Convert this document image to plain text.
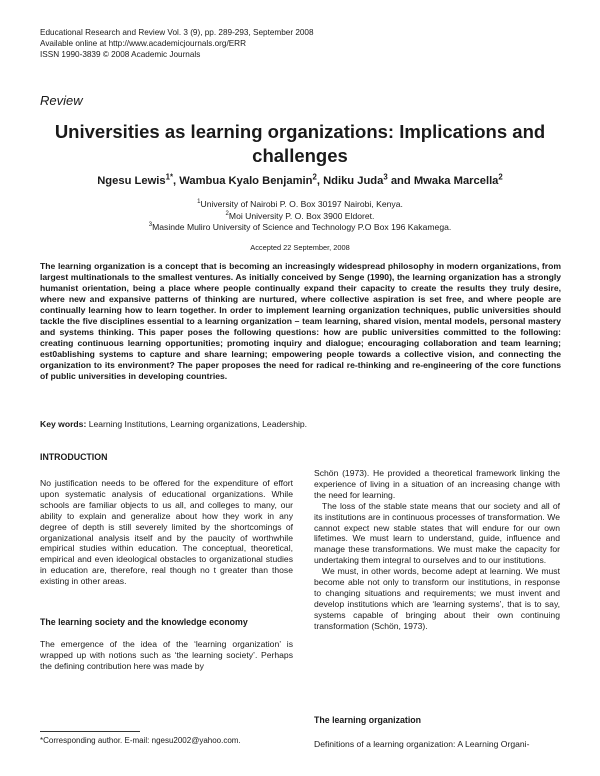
Educational Research and Review Vol. 3 (9), pp. 289-293, September 2008
Available online at http://www.academicjournals.org/ERR
ISSN 1990-3839 © 2008 Academic Journals
Review
Universities as learning organizations: Implications and challenges
Ngesu Lewis$^{1*}$, Wambua Kyalo Benjamin$^2$, Ndiku Juda$^3$ and Mwaka Marcella$^2$
$^1$University of Nairobi P. O. Box 30197 Nairobi, Kenya.
$^2$Moi University P. O. Box 3900 Eldoret.
$^3$Masinde Muliro University of Science and Technology P.O Box 196 Kakamega.
Accepted 22 September, 2008
The learning organization is a concept that is becoming an increasingly widespread philosophy in modern organizations, from largest multinationals to the smallest ventures. As initially conceived by Senge (1990), the learning organization has a strongly humanist orientation, being a place where people continually expand their capacity to create the results they truly desire, where new and expansive patterns of thinking are nurtured, where collective aspiration is set free, and where people are continually learning how to learn together. In order to implement learning organization techniques, public universities should tackle the five disciplines essential to a learning organization – team learning, shared vision, mental models, personal mastery and systems thinking. This paper poses the following questions: how are public universities committed to the following: creating continuous learning opportunities; promoting inquiry and dialogue; encouraging collaboration and team learning; est0ablishing systems to capture and share learning; empowering people towards a collective vision, and connecting the organization to its environment? The paper proposes the need for radical re-thinking and re-engineering of the core functions of public universities in developing countries.
Key words: Learning Institutions, Learning organizations, Leadership.
INTRODUCTION

No justification needs to be offered for the expenditure of effort upon systematic analysis of educational organizations. While schools are familiar objects to us all, and colleges to many, our ability to explain and generalize about how they work in any degree of depth is still severely limited by the shortcomings of organizational analysis itself and by the paucity of worthwhile empirical studies within education. The conceptual, theoretical, empirical and even ideological obstacles to organizational studies in education are, therefore, real though no t greater than those existing in other areas.

The learning society and the knowledge economy

The emergence of the idea of the ‘learning organization’ is wrapped up with notions such as ‘the learning society’. Perhaps the defining contribution here was made by

Schön (1973). He provided a theoretical framework linking the experience of living in a situation of an increasing change with the need for learning.

The loss of the stable state means that our society and all of its institutions are in continuous processes of transformation. We cannot expect new stable states that will endure for our own lifetimes. We must learn to understand, guide, influence and manage these transformations. We must make the capacity for undertaking them integral to ourselves and to our institutions.

We must, in other words, become adept at learning. We must become able not only to transform our institutions, in response to changing situations and requirements; we must invent and develop institutions which are ‘learning systems’, that is to say, systems capable of bringing about their own continuing transformation (Schön, 1973).

The learning organization

Definitions of a learning organization: A Learning Organi-

*Corresponding author. E-mail: ngesu2002@yahoo.com.
